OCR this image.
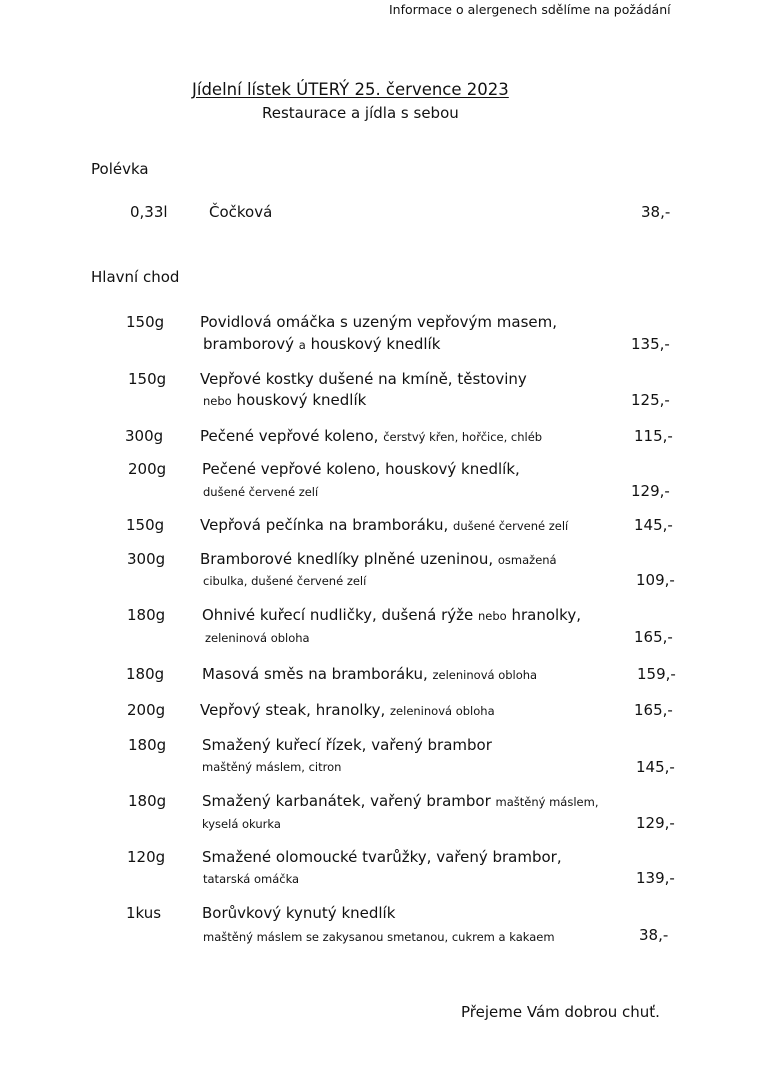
Informace o alergenech sdělíme na požádání
Jídelní lístek ÚTERÝ 25. července 2023
Restaurace a jídla s sebou
Polévka
0,33l	Čočková	38,-
Hlavní chod
150g Povidlová omáčka s uzeným vepřovým masem,
bramborový a houskový knedlík	135,-
150g Vepřové kostky dušené na kmíně, těstoviny
nebo houskový knedlík	125,-
300g Pečené vepřové koleno, čerstvý křen, hořčice, chléb	115,-
200g Pečené vepřové koleno, houskový knedlík,
dušené červené zelí	129,-
150g Vepřová pečínka na bramboráku, dušené červené zelí	145,-
300g Bramborové knedlíky plněné uzeninou, osmažená
cibulka, dušené červené zelí	109,-
180g Ohnivé kuřecí nudličky, dušená rýže nebo hranolky,
zeleninová obloha	165,-
180g	Masová směs na bramboráku, zeleninová obloha	159,-
200g Vepřový steak, hranolky, zeleninová obloha	165,-
180g Smažený kuřecí řízek, vařený brambor
maštěný máslem, citron	145,-
180g Smažený karbanátek, vařený brambor maštěný máslem,
kyselá okurka	129,-
120g Smažené olomoucké tvarůžky, vařený brambor,
tatarská omáčka	139,-
1kus	Borůvkový kynutý knedlík
maštěný máslem se zakysanou smetanou, cukrem a kakaem	38,-
Přejeme Vám dobrou chuť.
